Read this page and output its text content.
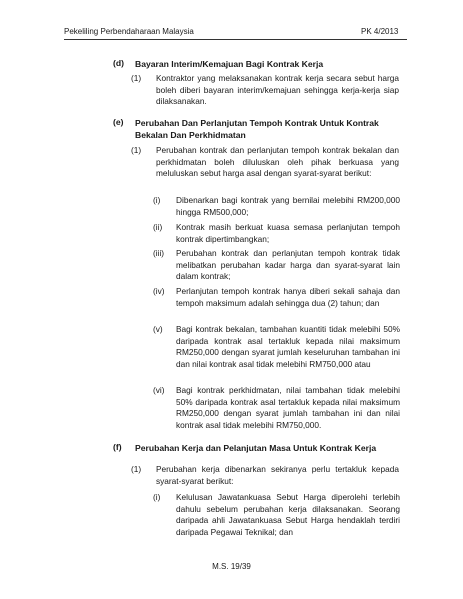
Pekeliling Perbendaharaan Malaysia	PK 4/2013
(d) Bayaran Interim/Kemajuan Bagi Kontrak Kerja
(1) Kontraktor yang melaksanakan kontrak kerja secara sebut harga boleh diberi bayaran interim/kemajuan sehingga kerja-kerja siap dilaksanakan.
(e) Perubahan Dan Perlanjutan Tempoh Kontrak Untuk Kontrak Bekalan Dan Perkhidmatan
(1) Perubahan kontrak dan perlanjutan tempoh kontrak bekalan dan perkhidmatan boleh diluluskan oleh pihak berkuasa yang meluluskan sebut harga asal dengan syarat-syarat berikut:
(i) Dibenarkan bagi kontrak yang bernilai melebihi RM200,000 hingga RM500,000;
(ii) Kontrak masih berkuat kuasa semasa perlanjutan tempoh kontrak dipertimbangkan;
(iii) Perubahan kontrak dan perlanjutan tempoh kontrak tidak melibatkan perubahan kadar harga dan syarat-syarat lain dalam kontrak;
(iv) Perlanjutan tempoh kontrak hanya diberi sekali sahaja dan tempoh maksimum adalah sehingga dua (2) tahun; dan
(v) Bagi kontrak bekalan, tambahan kuantiti tidak melebihi 50% daripada kontrak asal tertakluk kepada nilai maksimum RM250,000 dengan syarat jumlah keseluruhan tambahan ini dan nilai kontrak asal tidak melebihi RM750,000 atau
(vi) Bagi kontrak perkhidmatan, nilai tambahan tidak melebihi 50% daripada kontrak asal tertakluk kepada nilai maksimum RM250,000 dengan syarat jumlah tambahan ini dan nilai kontrak asal tidak melebihi RM750,000.
(f) Perubahan Kerja dan Pelanjutan Masa Untuk Kontrak Kerja
(1) Perubahan kerja dibenarkan sekiranya perlu tertakluk kepada syarat-syarat berikut:
(i) Kelulusan Jawatankuasa Sebut Harga diperolehi terlebih dahulu sebelum perubahan kerja dilaksanakan. Seorang daripada ahli Jawatankuasa Sebut Harga hendaklah terdiri daripada Pegawai Teknikal; dan
M.S. 19/39
